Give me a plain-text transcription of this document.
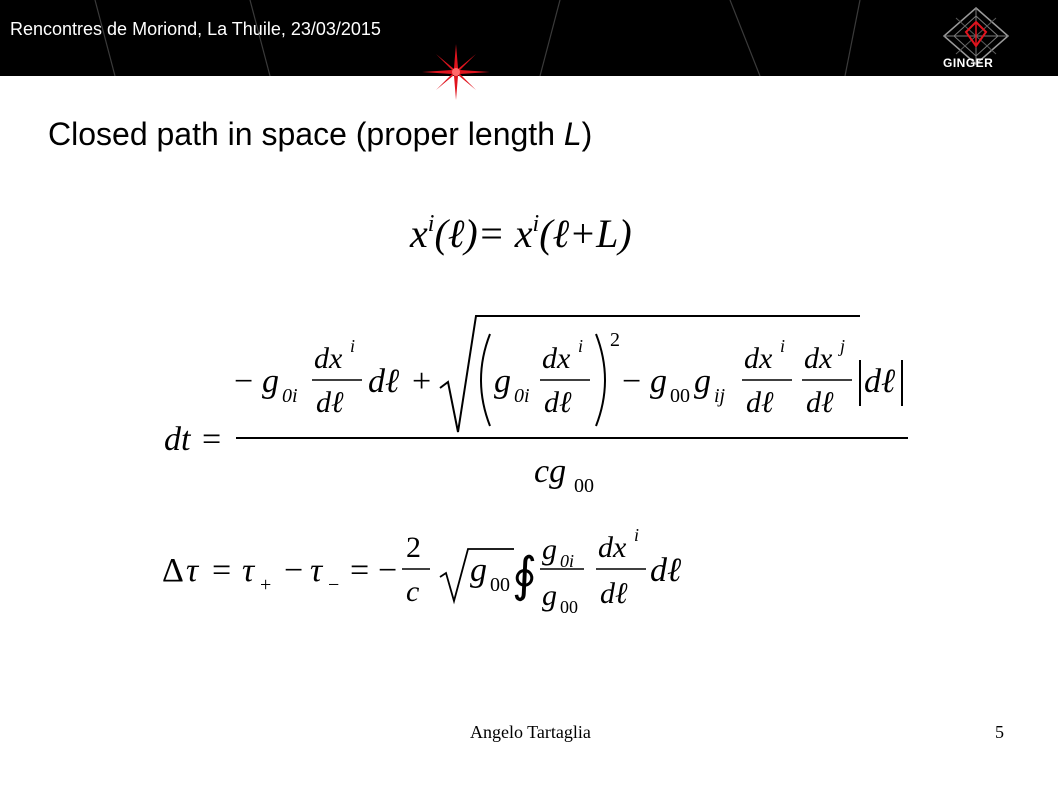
Rencontres de Moriond, La Thuile, 23/03/2015
GINGER
Closed path in space (proper length L)
$x^i(\ell)=$ $x^i(\ell+L)$
dt =
− g 0i
dx i
dℓ
dℓ + g 0i
dx i
dℓ
2
− g 00 g ij
dx i
dℓ
dx j
dℓ
dℓ
cg 00
Δ τ = τ + − τ − = −
2
c
g 00 ∮ g 0i
g 00
dx i
dℓ
dℓ
Angelo Tartaglia	5
